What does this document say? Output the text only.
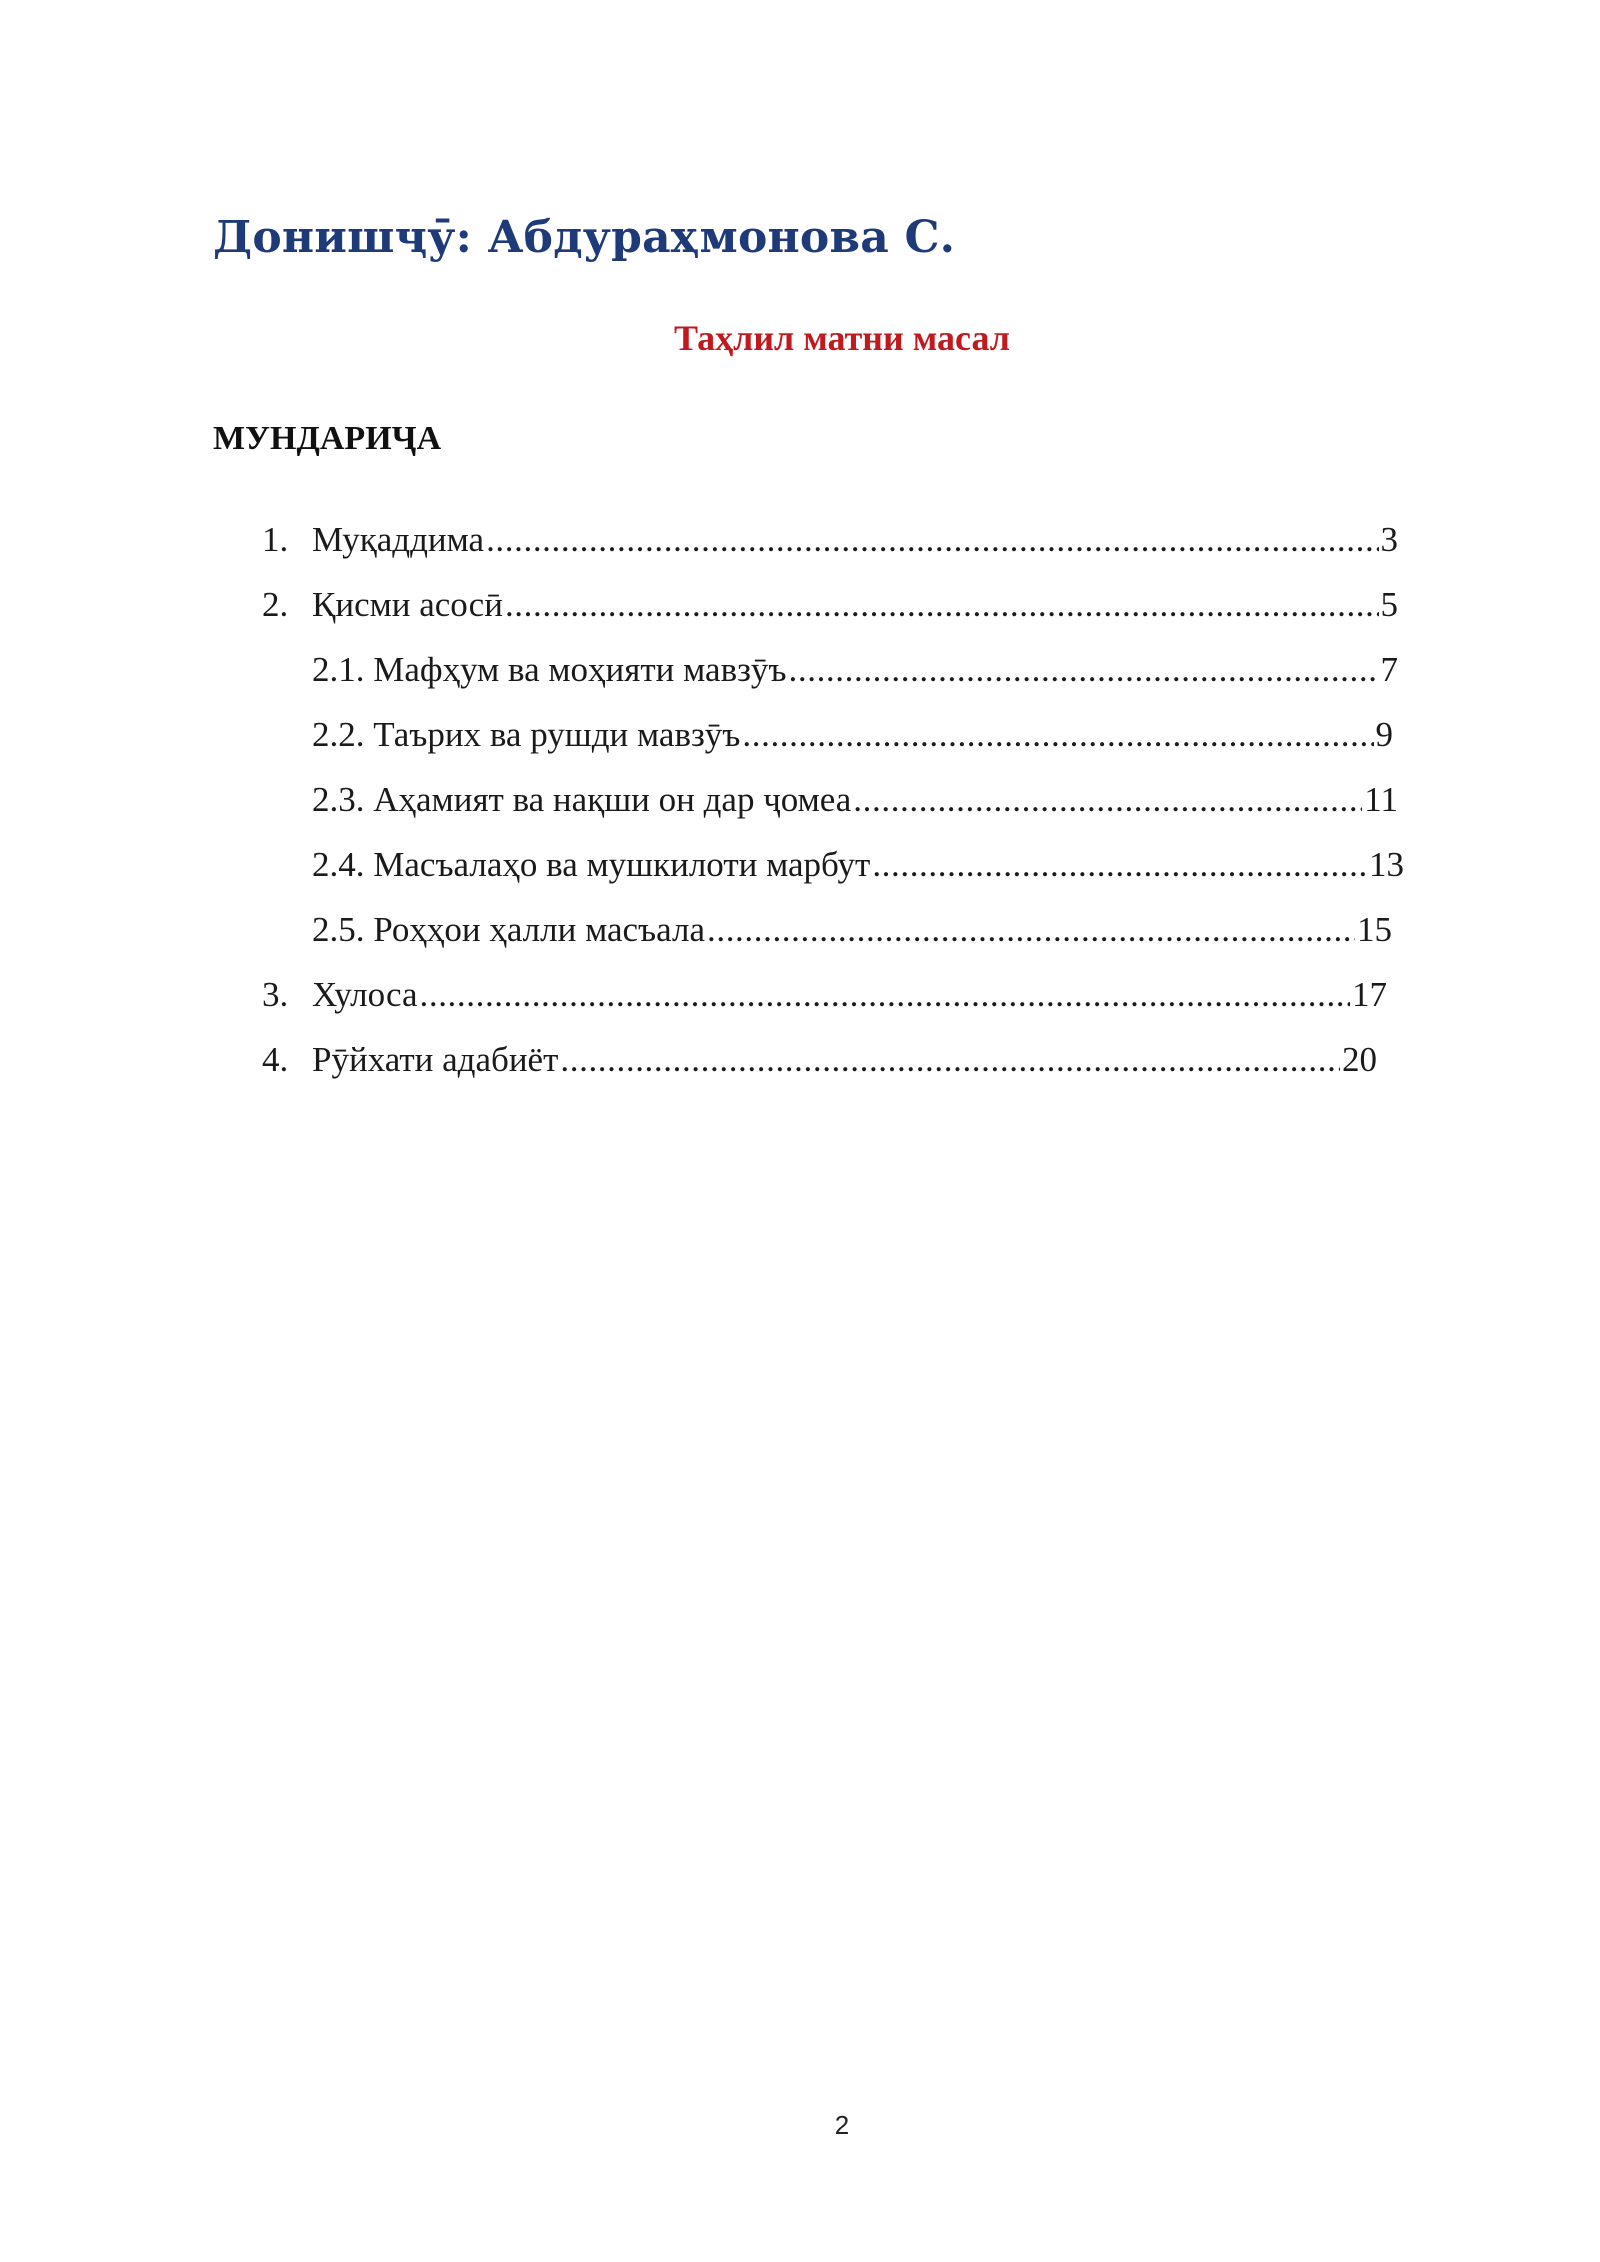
Донишҷӯ: Абдураҳмонова С.
Таҳлил матни масал
МУНДАРИҶА
1. Муқаддима .....	3
2. Қисми асосӣ .....	5
2.1. Мафҳум ва моҳияти мавзӯъ .....	7
2.2. Таърих ва рушди мавзӯъ .....	9
2.3. Аҳамият ва нақши он дар ҷомеа .....	11
2.4. Масъалаҳо ва мушкилоти марбут .....	13
2.5. Роҳҳои ҳалли масъала .....	15
3. Хулоса .....	17
4. Рӯйхати адабиёт .....	20
2
